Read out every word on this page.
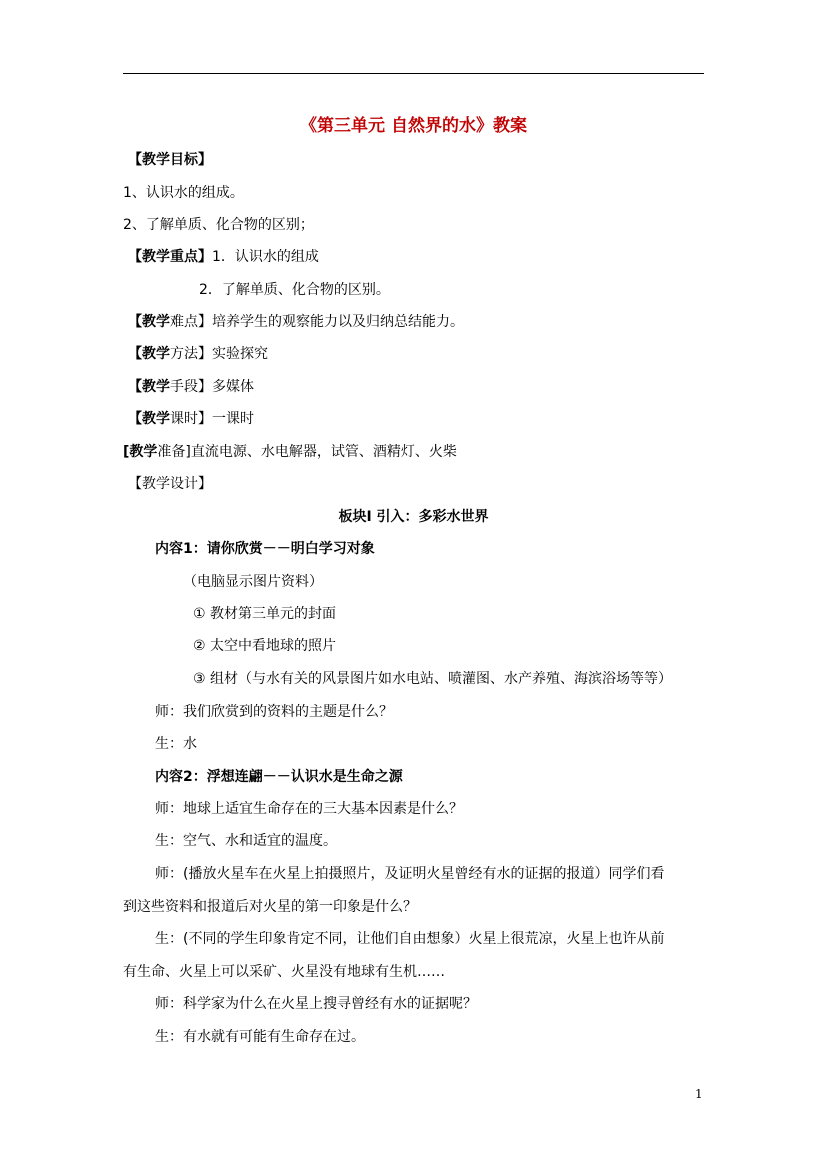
《第三单元 自然界的水》教案
【教学目标】
1、认识水的组成。
2、了解单质、化合物的区别；
【教学重点】1．认识水的组成
2．了解单质、化合物的区别。
【教学难点】培养学生的观察能力以及归纳总结能力。
【教学方法】实验探究
【教学手段】多媒体
【教学课时】一课时
[教学准备]直流电源、水电解器，试管、酒精灯、火柴
【教学设计】
板块Ⅰ 引入：多彩水世界
内容1：请你欣赏－－明白学习对象
（电脑显示图片资料）
① 教材第三单元的封面
② 太空中看地球的照片
③ 组材（与水有关的风景图片如水电站、喷灌图、水产养殖、海滨浴场等等）
师：我们欣赏到的资料的主题是什么？
生：水
内容2：浮想连翩－－认识水是生命之源
师：地球上适宜生命存在的三大基本因素是什么？
生：空气、水和适宜的温度。
师：(播放火星车在火星上拍摄照片，及证明火星曾经有水的证据的报道）同学们看
到这些资料和报道后对火星的第一印象是什么？
生：(不同的学生印象肯定不同，让他们自由想象）火星上很荒凉，火星上也许从前
有生命、火星上可以采矿、火星没有地球有生机……
师：科学家为什么在火星上搜寻曾经有水的证据呢？
生：有水就有可能有生命存在过。
1
